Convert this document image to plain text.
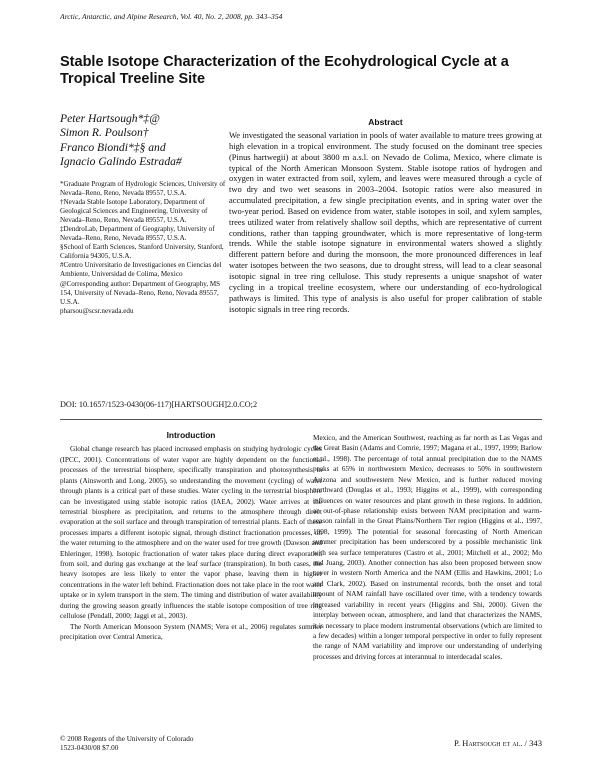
Arctic, Antarctic, and Alpine Research, Vol. 40, No. 2, 2008, pp. 343–354
Stable Isotope Characterization of the Ecohydrological Cycle at a Tropical Treeline Site
Peter Hartsough*‡@
Simon R. Poulson†
Franco Biondi*‡§ and
Ignacio Galindo Estrada#

*Graduate Program of Hydrologic Sciences, University of Nevada–Reno, Reno, Nevada 89557, U.S.A.

†Nevada Stable Isotope Laboratory, Department of Geological Sciences and Engineering, University of Nevada–Reno, Reno, Nevada 89557, U.S.A.

‡DendroLab, Department of Geography, University of Nevada–Reno, Reno, Nevada 89557, U.S.A.

§School of Earth Sciences, Stanford University, Stanford, California 94305, U.S.A.

#Centro Universitario de Investigaciones en Ciencias del Ambiente, Universidad de Colima, Mexico

@Corresponding author: Department of Geography, MS 154, University of Nevada–Reno, Reno, Nevada 89557, U.S.A.

pharsou@scsr.nevada.edu

Abstract

We investigated the seasonal variation in pools of water available to mature trees growing at high elevation in a tropical environment. The study focused on the dominant tree species (Pinus hartwegii) at about 3800 m a.s.l. on Nevado de Colima, Mexico, where climate is typical of the North American Monsoon System. Stable isotope ratios of hydrogen and oxygen in water extracted from soil, xylem, and leaves were measured through a cycle of two dry and two wet seasons in 2003–2004. Isotopic ratios were also measured in accumulated precipitation, a few single precipitation events, and in spring water over the two-year period. Based on evidence from water, stable isotopes in soil, and xylem samples, trees utilized water from relatively shallow soil depths, which are representative of current conditions, rather than tapping groundwater, which is more representative of long-term trends. While the stable isotope signature in environmental waters showed a slightly different pattern before and during the monsoon, the more pronounced differences in leaf water isotopes between the two seasons, due to drought stress, will lead to a clear seasonal isotopic signal in tree ring cellulose. This study represents a unique snapshot of water cycling in a tropical treeline ecosystem, where our understanding of eco-hydrological pathways is limited. This type of analysis is also useful for proper calibration of stable isotopic signals in tree ring records.

DOI: 10.1657/1523-0430(06-117)[HARTSOUGH]2.0.CO;2
Introduction

Global change research has placed increased emphasis on studying hydrologic cycles (IPCC, 2001). Concentrations of water vapor are highly dependent on the functional processes of the terrestrial biosphere, specifically transpiration and photosynthesis in plants (Ainsworth and Long, 2005), so understanding the movement (cycling) of water through plants is a critical part of these studies. Water cycling in the terrestrial biosphere can be investigated using stable isotopic ratios (IAEA, 2002). Water arrives at the terrestrial biosphere as precipitation, and returns to the atmosphere through direct evaporation at the soil surface and through transpiration of terrestrial plants. Each of these processes imparts a different isotopic signal, through distinct fractionation processes, on the water returning to the atmosphere and on the water used for tree growth (Dawson and Ehleringer, 1998). Isotopic fractionation of water takes place during direct evaporation from soil, and during gas exchange at the leaf surface (transpiration). In both cases, the heavy isotopes are less likely to enter the vapor phase, leaving them in higher concentrations in the water left behind. Fractionation does not take place in the root water uptake or in xylem transport in the stem. The timing and distribution of water availability during the growing season greatly influences the stable isotope composition of tree ring cellulose (Pendall, 2000; Jaggi et al., 2003).

The North American Monsoon System (NAMS; Vera et al., 2006) regulates summer precipitation over Central America,

Mexico, and the American Southwest, reaching as far north as Las Vegas and the Great Basin (Adams and Comrie, 1997; Magana et al., 1997, 1999; Barlow et al., 1998). The percentage of total annual precipitation due to the NAMS peaks at 65% in northwestern Mexico, decreases to 50% in southwestern Arizona and southwestern New Mexico, and is further reduced moving northward (Douglas et al., 1993; Higgins et al., 1999), with corresponding influences on water resources and plant growth in these regions. In addition, an out-of-phase relationship exists between NAM precipitation and warm-season rainfall in the Great Plains/Northern Tier region (Higgins et al., 1997, 1998, 1999). The potential for seasonal forecasting of North American summer precipitation has been underscored by a possible mechanistic link with sea surface temperatures (Castro et al., 2001; Mitchell et al., 2002; Mo and Juang, 2003). Another connection has also been proposed between snow cover in western North America and the NAM (Ellis and Hawkins, 2001; Lo and Clark, 2002). Based on instrumental records, both the onset and total amount of NAM rainfall have oscillated over time, with a tendency towards increased variability in recent years (Higgins and Shi, 2000). Given the interplay between ocean, atmosphere, and land that characterizes the NAMS, it is necessary to place modern instrumental observations (which are limited to a few decades) within a longer temporal perspective in order to fully represent the range of NAM variability and improve our understanding of underlying processes and driving forces at interannual to interdecadal scales.

© 2008 Regents of the University of Colorado
1523-0430/08 $7.00	P. Hartsough et al. / 343
